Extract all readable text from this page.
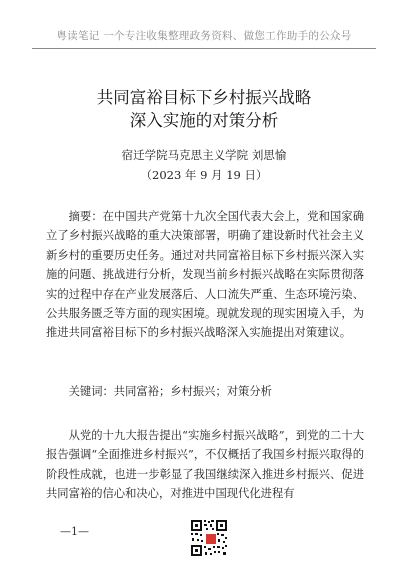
粤读笔记 一个专注收集整理政务资料、做您工作助手的公众号
共同富裕目标下乡村振兴战略
深入实施的对策分析
宿迁学院马克思主义学院 刘思愉
（2023 年 9 月 19 日）

摘要：在中国共产党第十九次全国代表大会上，党和国家确立了乡村振兴战略的重大决策部署，明确了建设新时代社会主义新乡村的重要历史任务。通过对共同富裕目标下乡村振兴深入实施的问题、挑战进行分析，发现当前乡村振兴战略在实际贯彻落实的过程中存在产业发展落后、人口流失严重、生态环境污染、公共服务匮乏等方面的现实困境。现就发现的现实困境入手，为推进共同富裕目标下的乡村振兴战略深入实施提出对策建议。

关键词：共同富裕；乡村振兴；对策分析

从党的十九大报告提出“实施乡村振兴战略”，到党的二十大报告强调“全面推进乡村振兴”，不仅概括了我国乡村振兴取得的阶段性成就，也进一步彰显了我国继续深入推进乡村振兴、促进共同富裕的信心和决心，对推进中国现代化进程有

—1—
